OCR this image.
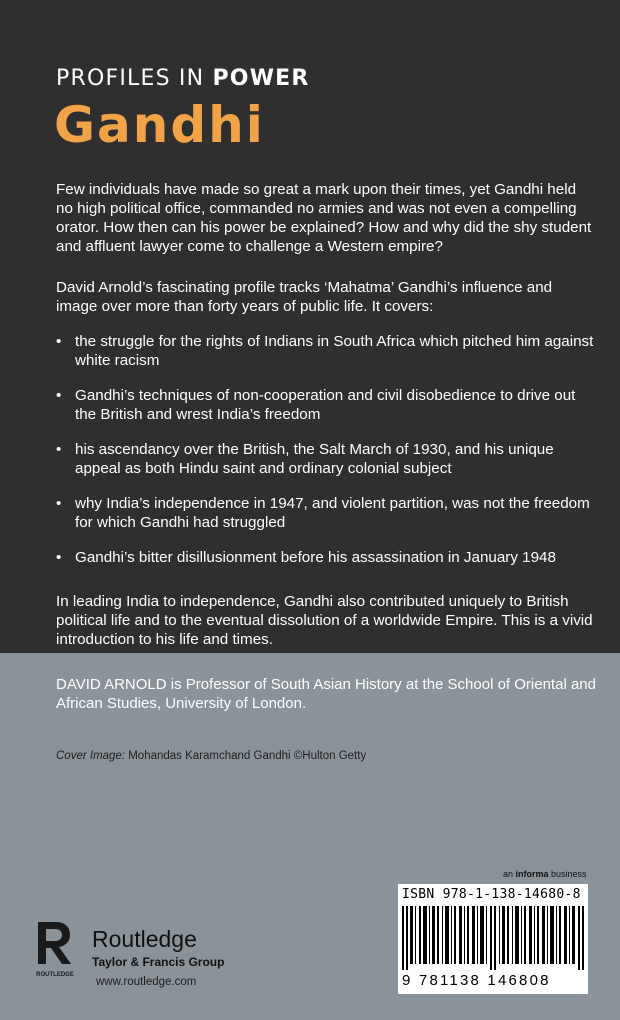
PROFILES IN POWER
Gandhi

Few individuals have made so great a mark upon their times, yet Gandhi held no high political office, commanded no armies and was not even a compelling orator. How then can his power be explained? How and why did the shy student and affluent lawyer come to challenge a Western empire?

David Arnold’s fascinating profile tracks ‘Mahatma’ Gandhi’s influence and image over more than forty years of public life. It covers:

• the struggle for the rights of Indians in South Africa which pitched him against white racism
• Gandhi’s techniques of non-cooperation and civil disobedience to drive out the British and wrest India’s freedom
• his ascendancy over the British, the Salt March of 1930, and his unique appeal as both Hindu saint and ordinary colonial subject
• why India’s independence in 1947, and violent partition, was not the freedom for which Gandhi had struggled
• Gandhi’s bitter disillusionment before his assassination in January 1948

In leading India to independence, Gandhi also contributed uniquely to British political life and to the eventual dissolution of a worldwide Empire. This is a vivid introduction to his life and times.

DAVID ARNOLD is Professor of South Asian History at the School of Oriental and African Studies, University of London.

Cover Image: Mohandas Karamchand Gandhi ©Hulton Getty

an informa business
ISBN 978-1-138-14680-8
9 781138 146808
ROUTLEDGE
Routledge
Taylor & Francis Group
www.routledge.com
